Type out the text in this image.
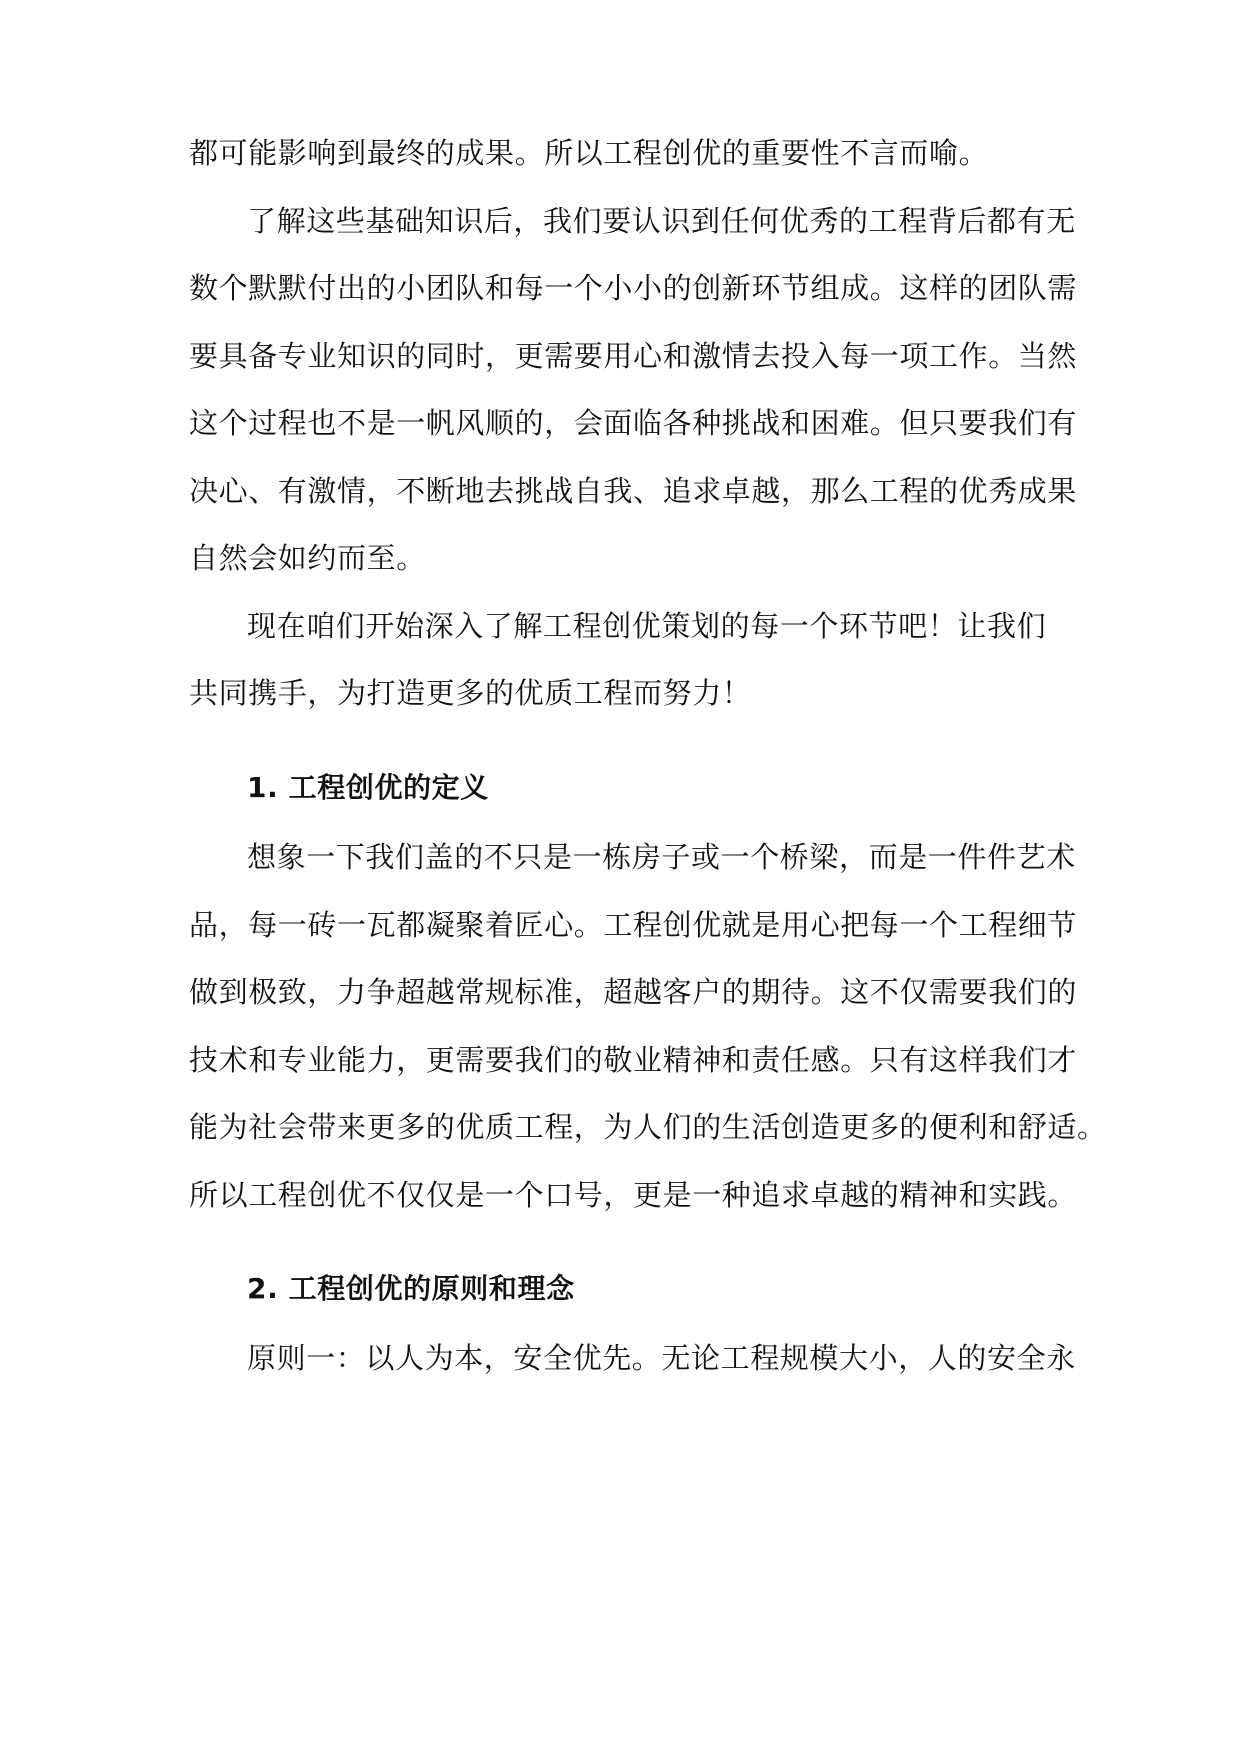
都可能影响到最终的成果。所以工程创优的重要性不言而喻。
了解这些基础知识后，我们要认识到任何优秀的工程背后都有无
数个默默付出的小团队和每一个小小的创新环节组成。这样的团队需
要具备专业知识的同时，更需要用心和激情去投入每一项工作。当然
这个过程也不是一帆风顺的，会面临各种挑战和困难。但只要我们有
决心、有激情，不断地去挑战自我、追求卓越，那么工程的优秀成果
自然会如约而至。
现在咱们开始深入了解工程创优策划的每一个环节吧！让我们
共同携手，为打造更多的优质工程而努力！
1. 工程创优的定义
想象一下我们盖的不只是一栋房子或一个桥梁，而是一件件艺术
品，每一砖一瓦都凝聚着匠心。工程创优就是用心把每一个工程细节
做到极致，力争超越常规标准，超越客户的期待。这不仅需要我们的
技术和专业能力，更需要我们的敬业精神和责任感。只有这样我们才
能为社会带来更多的优质工程，为人们的生活创造更多的便利和舒适。
所以工程创优不仅仅是一个口号，更是一种追求卓越的精神和实践。
2. 工程创优的原则和理念
原则一：以人为本，安全优先。无论工程规模大小，人的安全永
